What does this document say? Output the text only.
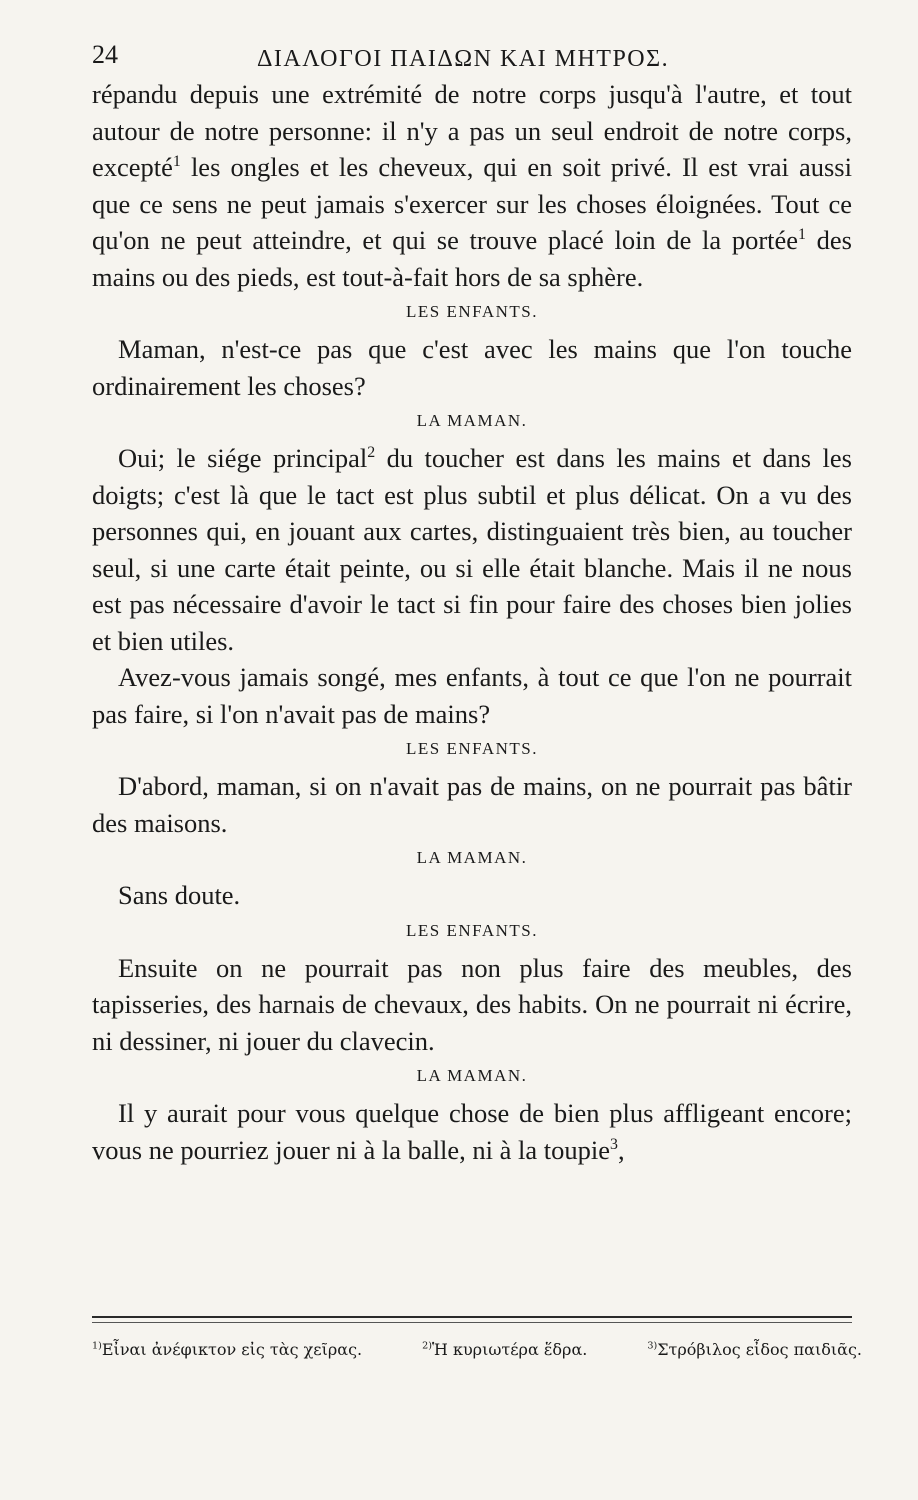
24	ΔΙΑΛΟΓΟΙ ΠΑΙΔΩΝ ΚΑΙ ΜΗΤΡΟΣ.

répandu depuis une extrémité de notre corps jusqu'à l'autre, et tout autour de notre personne: il n'y a pas un seul endroit de notre corps, excepté$^1$ les ongles et les cheveux, qui en soit privé. Il est vrai aussi que ce sens ne peut jamais s'exercer sur les choses éloignées. Tout ce qu'on ne peut atteindre, et qui se trouve placé loin de la portée$^1$ des mains ou des pieds, est tout-à-fait hors de sa sphère.

LES ENFANTS.

Maman, n'est-ce pas que c'est avec les mains que l'on touche ordinairement les choses?

LA MAMAN.

Oui; le siége principal$^2$ du toucher est dans les mains et dans les doigts; c'est là que le tact est plus subtil et plus délicat. On a vu des personnes qui, en jouant aux cartes, distinguaient très bien, au toucher seul, si une carte était peinte, ou si elle était blanche. Mais il ne nous est pas nécessaire d'avoir le tact si fin pour faire des choses bien jolies et bien utiles.

Avez-vous jamais songé, mes enfants, à tout ce que l'on ne pourrait pas faire, si l'on n'avait pas de mains?

LES ENFANTS.

D'abord, maman, si on n'avait pas de mains, on ne pourrait pas bâtir des maisons.

LA MAMAN.

Sans doute.

LES ENFANTS.

Ensuite on ne pourrait pas non plus faire des meubles, des tapisseries, des harnais de chevaux, des habits. On ne pourrait ni écrire, ni dessiner, ni jouer du clavecin.

LA MAMAN.

Il y aurait pour vous quelque chose de bien plus affligeant encore; vous ne pourriez jouer ni à la balle, ni à la toupie$^3$,

$^{1)}$Εἶναι ἀνέφικτον εἰς τὰς χεῖρας.	$^{2)}$Ἡ κυριωτέρα ἕδρα.	$^{3)}$Στρόβιλος εἶδος παιδιᾶς.
